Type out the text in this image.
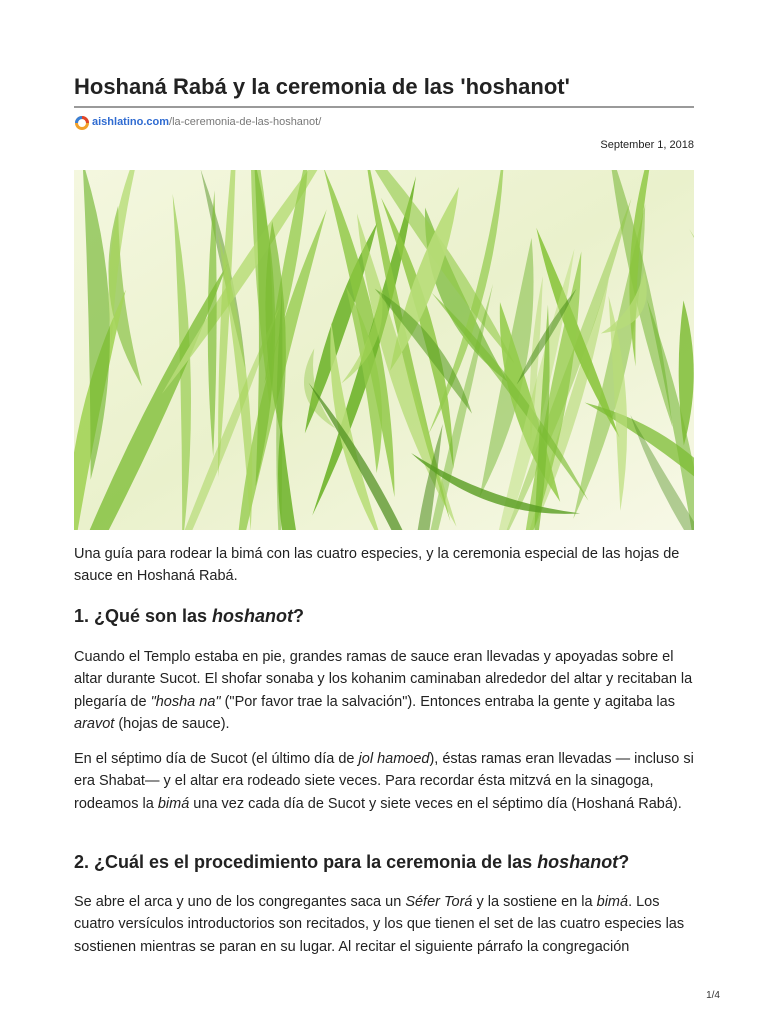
Hoshaná Rabá y la ceremonia de las 'hoshanot'
aishlatino.com /la-ceremonia-de-las-hoshanot/
September 1, 2018

Una guía para rodear la bimá con las cuatro especies, y la ceremonia especial de las hojas de sauce en Hoshaná Rabá.

1. ¿Qué son las hoshanot?

Cuando el Templo estaba en pie, grandes ramas de sauce eran llevadas y apoyadas sobre el altar durante Sucot. El shofar sonaba y los kohanim caminaban alrededor del altar y recitaban la plegaría de "hosha na" ("Por favor trae la salvación"). Entonces entraba la gente y agitaba las aravot (hojas de sauce).

En el séptimo día de Sucot (el último día de jol hamoed), éstas ramas eran llevadas — incluso si era Shabat— y el altar era rodeado siete veces. Para recordar ésta mitzvá en la sinagoga, rodeamos la bimá una vez cada día de Sucot y siete veces en el séptimo día (Hoshaná Rabá).

2. ¿Cuál es el procedimiento para la ceremonia de las hoshanot?

Se abre el arca y uno de los congregantes saca un Séfer Torá y la sostiene en la bimá. Los cuatro versículos introductorios son recitados, y los que tienen el set de las cuatro especies las sostienen mientras se paran en su lugar. Al recitar el siguiente párrafo la congregación

1/4
